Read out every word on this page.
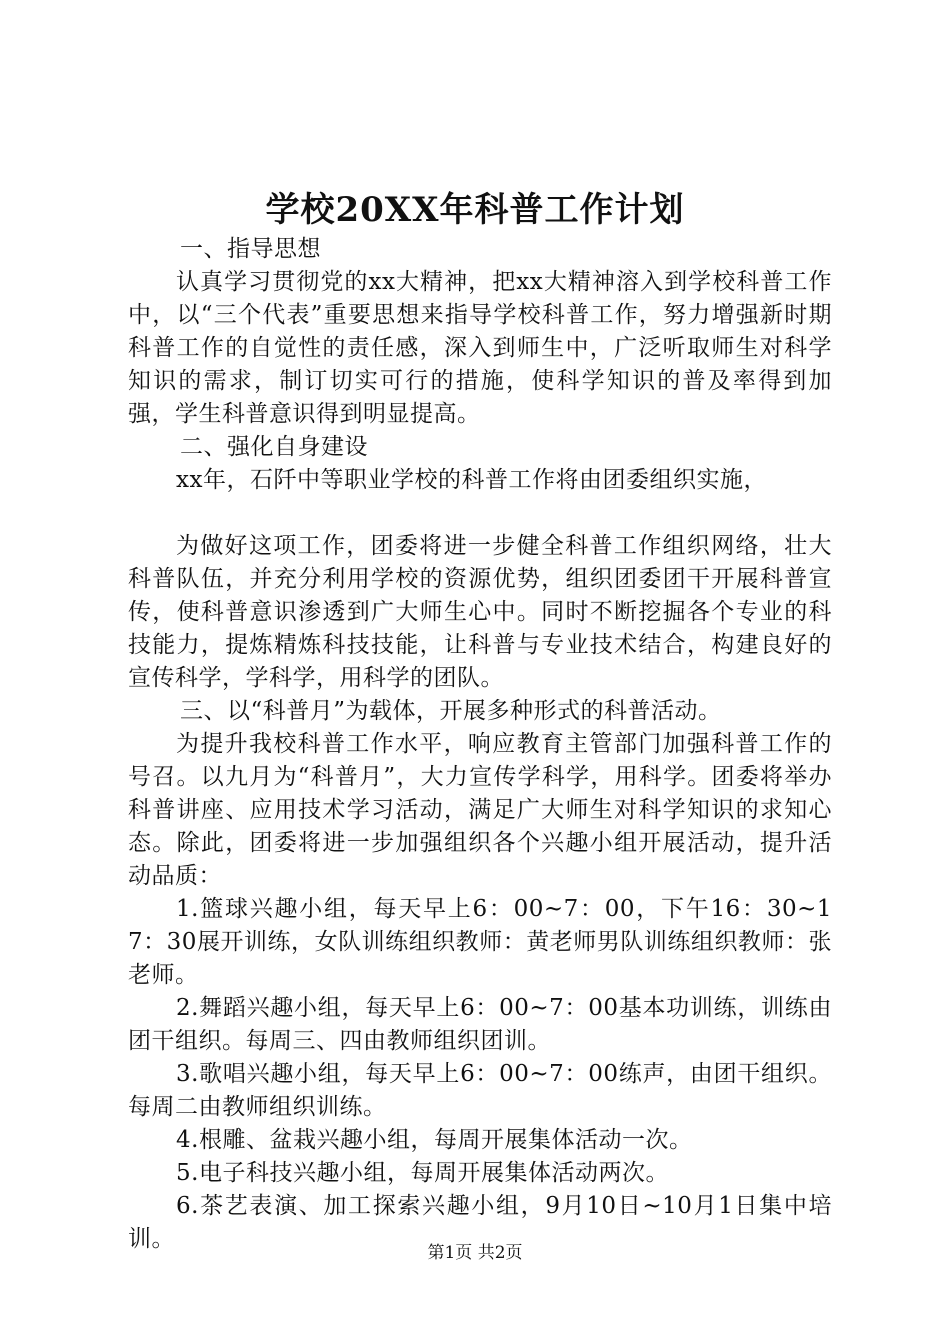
学校20XX年科普工作计划

一、指导思想

认真学习贯彻党的xx大精神，把xx大精神溶入到学校科普工作中，以“三个代表”重要思想来指导学校科普工作，努力增强新时期科普工作的自觉性的责任感，深入到师生中，广泛听取师生对科学知识的需求，制订切实可行的措施，使科学知识的普及率得到加强，学生科普意识得到明显提高。

二、强化自身建设

xx年，石阡中等职业学校的科普工作将由团委组织实施，

为做好这项工作，团委将进一步健全科普工作组织网络，壮大科普队伍，并充分利用学校的资源优势，组织团委团干开展科普宣传，使科普意识渗透到广大师生心中。同时不断挖掘各个专业的科技能力，提炼精炼科技技能，让科普与专业技术结合，构建良好的宣传科学，学科学，用科学的团队。

三、以“科普月”为载体，开展多种形式的科普活动。

为提升我校科普工作水平，响应教育主管部门加强科普工作的号召。以九月为“科普月”，大力宣传学科学，用科学。团委将举办科普讲座、应用技术学习活动，满足广大师生对科学知识的求知心态。除此，团委将进一步加强组织各个兴趣小组开展活动，提升活动品质：

1.篮球兴趣小组，每天早上6：00~7：00，下午16：30~17：30展开训练，女队训练组织教师：黄老师男队训练组织教师：张老师。

2.舞蹈兴趣小组，每天早上6：00~7：00基本功训练，训练由团干组织。每周三、四由教师组织团训。

3.歌唱兴趣小组，每天早上6：00~7：00练声，由团干组织。每周二由教师组织训练。

4.根雕、盆栽兴趣小组，每周开展集体活动一次。

5.电子科技兴趣小组，每周开展集体活动两次。

6.茶艺表演、加工探索兴趣小组，9月10日~10月1日集中培训。

第1页 共2页
